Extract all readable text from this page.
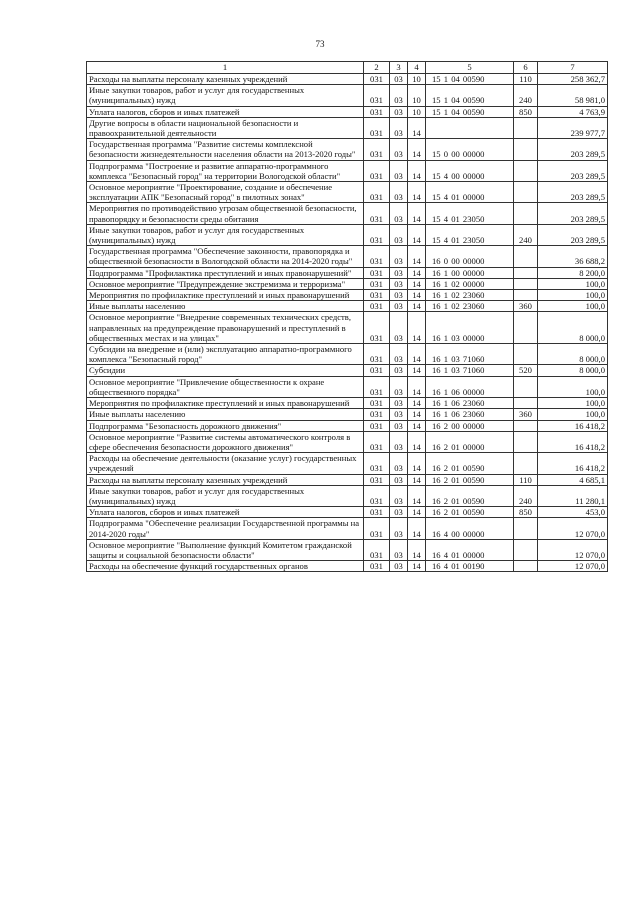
73
1	2	3	4	5	6	7
Расходы на выплаты персоналу казенных учреждений	031	03	10	15 1 04 00590	110	258 362,7
Иные закупки товаров, работ и услуг для государственных (муниципальных) нужд	031	03	10	15 1 04 00590	240	58 981,0
Уплата налогов, сборов и иных платежей	031	03	10	15 1 04 00590	850	4 763,9
Другие вопросы в области национальной безопасности и правоохранительной деятельности	031	03	14			239 977,7
Государственная программа "Развитие системы комплексной безопасности жизнедеятельности населения области на 2013-2020 годы"	031	03	14	15 0 00 00000		203 289,5
Подпрограмма "Построение и развитие аппаратно-программного комплекса "Безопасный город" на территории Вологодской области"	031	03	14	15 4 00 00000		203 289,5
Основное мероприятие "Проектирование, создание и обеспечение эксплуатации АПК "Безопасный город" в пилотных зонах"	031	03	14	15 4 01 00000		203 289,5
Мероприятия по противодействию угрозам общественной безопасности, правопорядку и безопасности среды обитания	031	03	14	15 4 01 23050		203 289,5
Иные закупки товаров, работ и услуг для государственных (муниципальных) нужд	031	03	14	15 4 01 23050	240	203 289,5
Государственная программа "Обеспечение законности, правопорядка и общественной безопасности в Вологодской области на 2014-2020 годы"	031	03	14	16 0 00 00000		36 688,2
Подпрограмма "Профилактика преступлений и иных правонарушений"	031	03	14	16 1 00 00000		8 200,0
Основное мероприятие "Предупреждение экстремизма и терроризма"	031	03	14	16 1 02 00000		100,0
Мероприятия по профилактике преступлений и иных правонарушений	031	03	14	16 1 02 23060		100,0
Иные выплаты населению	031	03	14	16 1 02 23060	360	100,0
Основное мероприятие "Внедрение современных технических средств, направленных на предупреждение правонарушений и преступлений в общественных местах и на улицах"	031	03	14	16 1 03 00000		8 000,0
Субсидии на внедрение и (или) эксплуатацию аппаратно-программного комплекса "Безопасный город"	031	03	14	16 1 03 71060		8 000,0
Субсидии	031	03	14	16 1 03 71060	520	8 000,0
Основное мероприятие "Привлечение общественности к охране общественного порядка"	031	03	14	16 1 06 00000		100,0
Мероприятия по профилактике преступлений и иных правонарушений	031	03	14	16 1 06 23060		100,0
Иные выплаты населению	031	03	14	16 1 06 23060	360	100,0
Подпрограмма "Безопасность дорожного движения"	031	03	14	16 2 00 00000		16 418,2
Основное мероприятие "Развитие системы автоматического контроля в сфере обеспечения безопасности дорожного движения"	031	03	14	16 2 01 00000		16 418,2
Расходы на обеспечение деятельности (оказание услуг) государственных учреждений	031	03	14	16 2 01 00590		16 418,2
Расходы на выплаты персоналу казенных учреждений	031	03	14	16 2 01 00590	110	4 685,1
Иные закупки товаров, работ и услуг для государственных (муниципальных) нужд	031	03	14	16 2 01 00590	240	11 280,1
Уплата налогов, сборов и иных платежей	031	03	14	16 2 01 00590	850	453,0
Подпрограмма "Обеспечение реализации Государственной программы на 2014-2020 годы"	031	03	14	16 4 00 00000		12 070,0
Основное мероприятие "Выполнение функций Комитетом гражданской защиты и социальной безопасности области"	031	03	14	16 4 01 00000		12 070,0
Расходы на обеспечение функций государственных органов	031	03	14	16 4 01 00190		12 070,0
